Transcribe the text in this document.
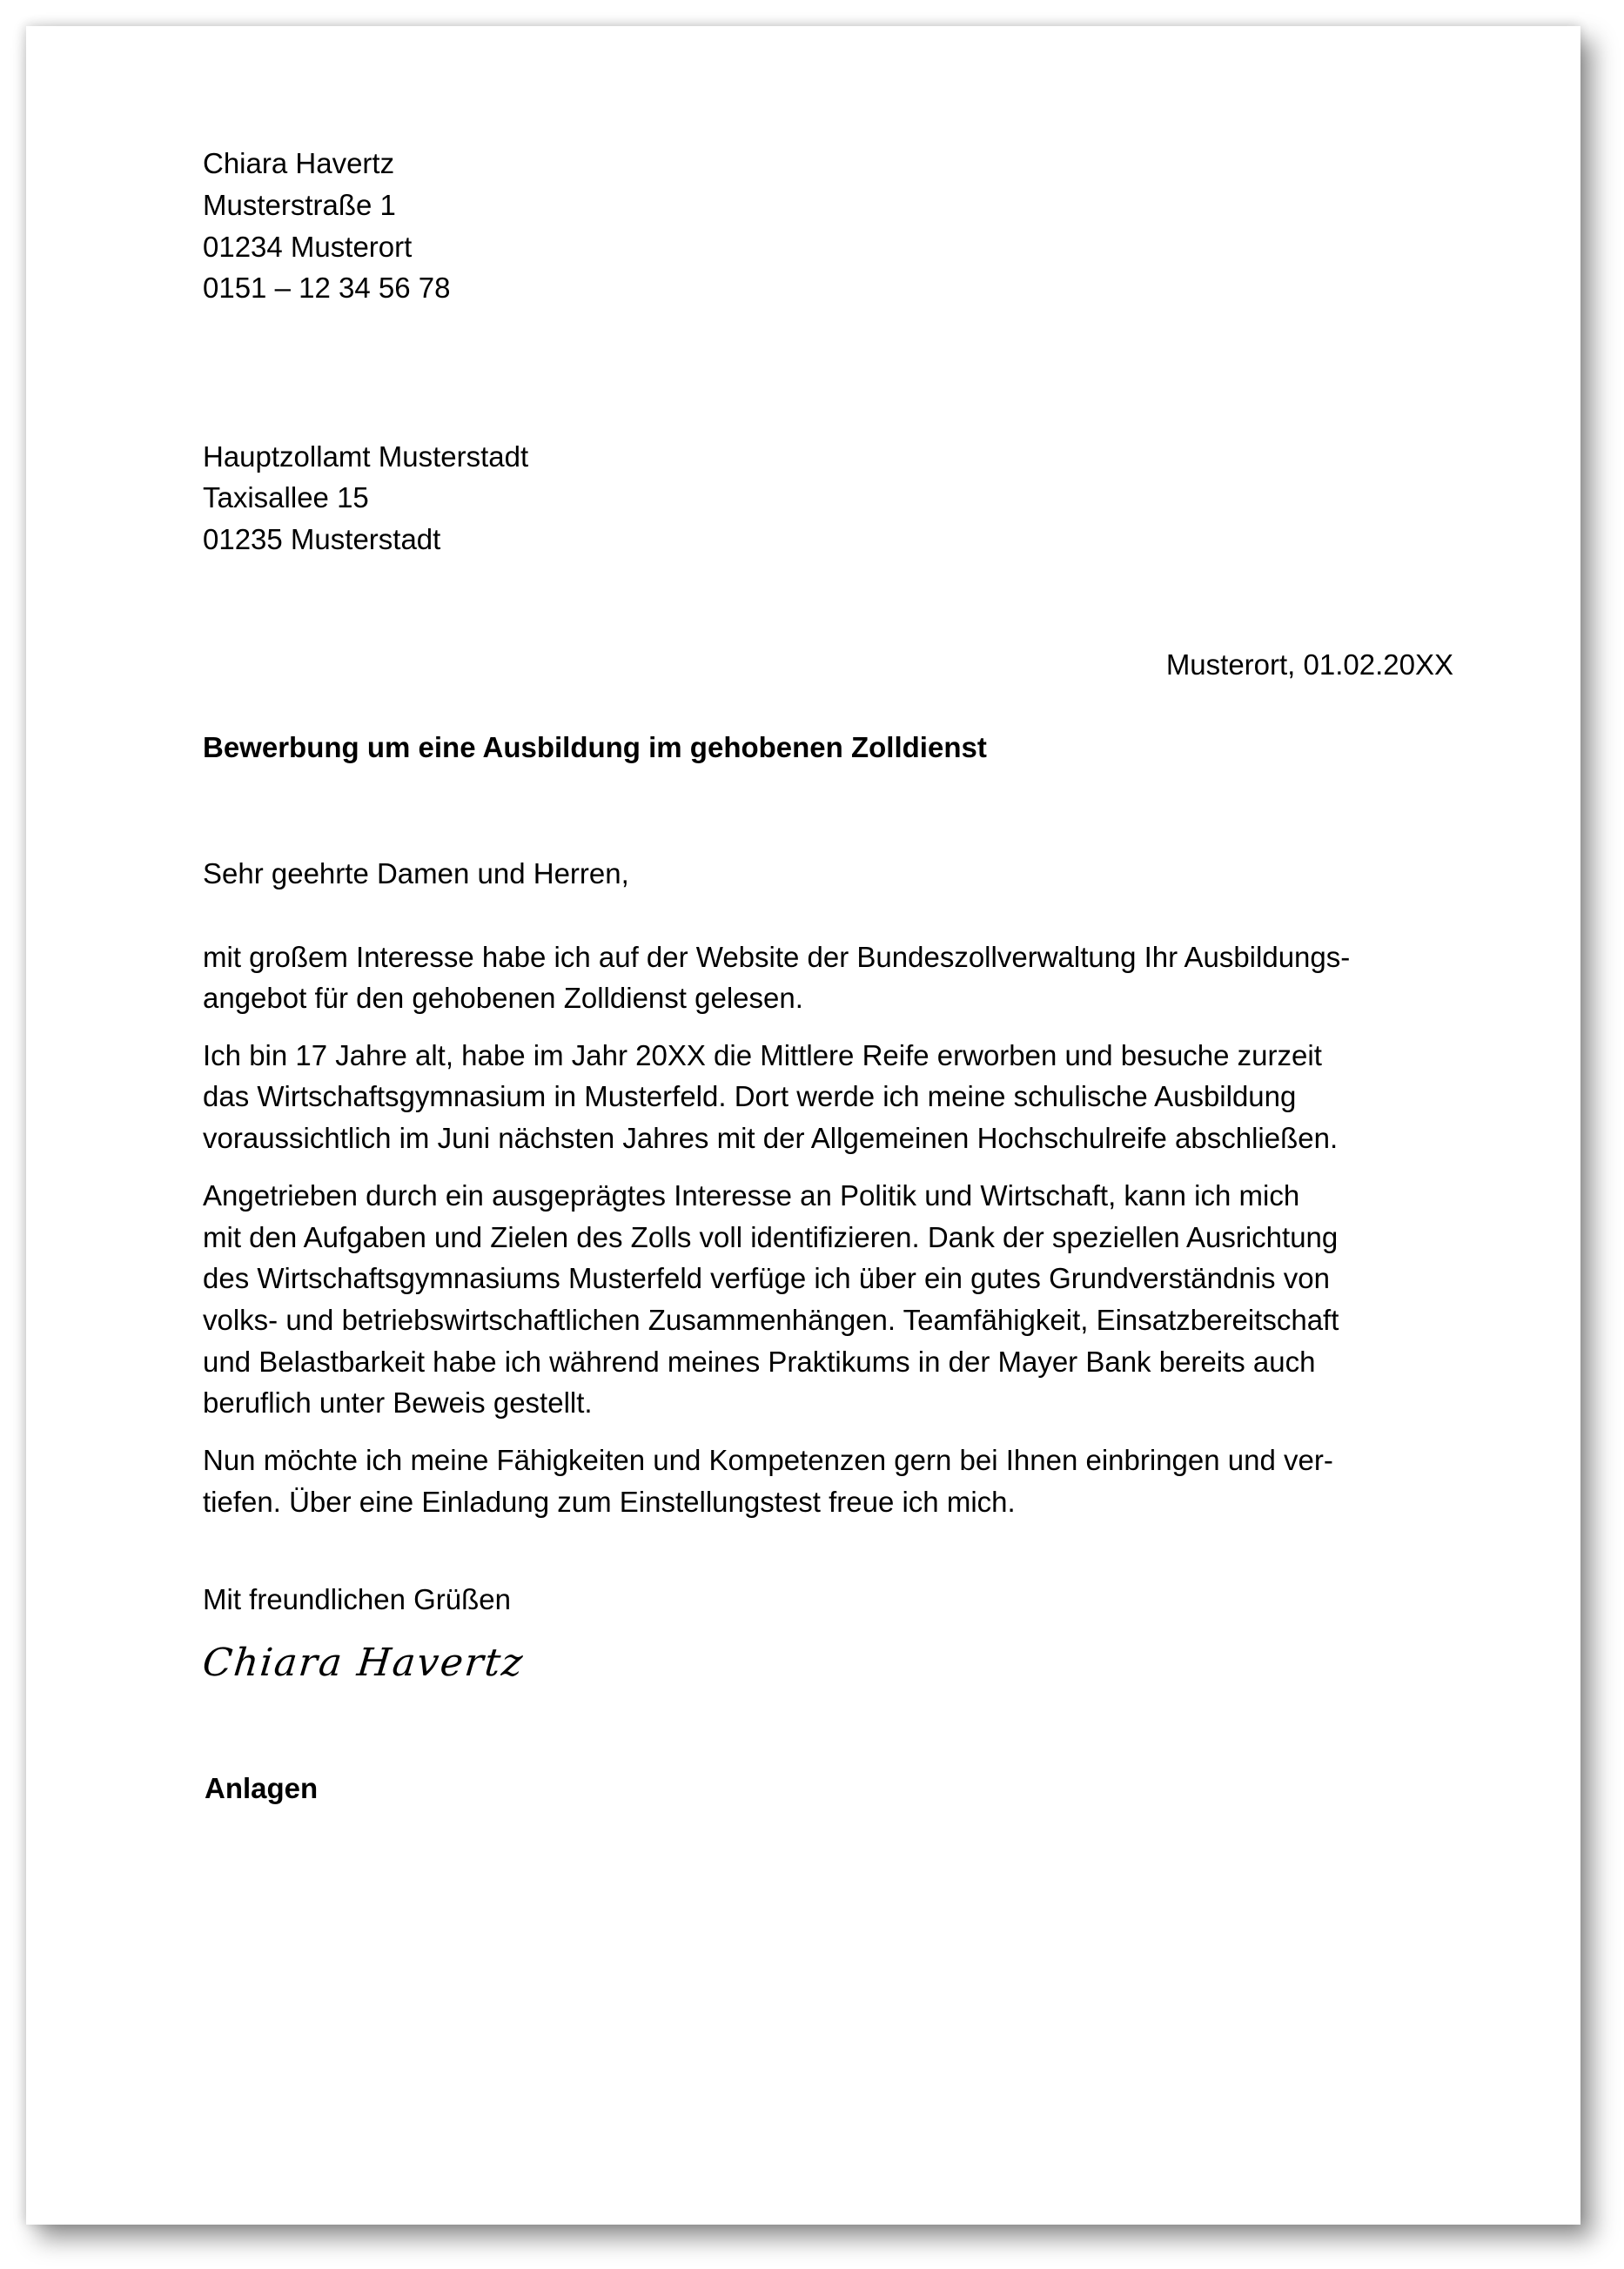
Chiara Havertz
Musterstraße 1
01234 Musterort
0151 – 12 34 56 78
Hauptzollamt Musterstadt
Taxisallee 15
01235 Musterstadt
Musterort, 01.02.20XX
Bewerbung um eine Ausbildung im gehobenen Zolldienst
Sehr geehrte Damen und Herren,
mit großem Interesse habe ich auf der Website der Bundeszollverwaltung Ihr Ausbildungs-
angebot für den gehobenen Zolldienst gelesen.
Ich bin 17 Jahre alt, habe im Jahr 20XX die Mittlere Reife erworben und besuche zurzeit
das Wirtschaftsgymnasium in Musterfeld. Dort werde ich meine schulische Ausbildung
voraussichtlich im Juni nächsten Jahres mit der Allgemeinen Hochschulreife abschließen.
Angetrieben durch ein ausgeprägtes Interesse an Politik und Wirtschaft, kann ich mich
mit den Aufgaben und Zielen des Zolls voll identifizieren. Dank der speziellen Ausrichtung
des Wirtschaftsgymnasiums Musterfeld verfüge ich über ein gutes Grundverständnis von
volks- und betriebswirtschaftlichen Zusammenhängen. Teamfähigkeit, Einsatzbereitschaft
und Belastbarkeit habe ich während meines Praktikums in der Mayer Bank bereits auch
beruflich unter Beweis gestellt.
Nun möchte ich meine Fähigkeiten und Kompetenzen gern bei Ihnen einbringen und ver-
tiefen. Über eine Einladung zum Einstellungstest freue ich mich.
Mit freundlichen Grüßen
Chiara Havertz
Anlagen
